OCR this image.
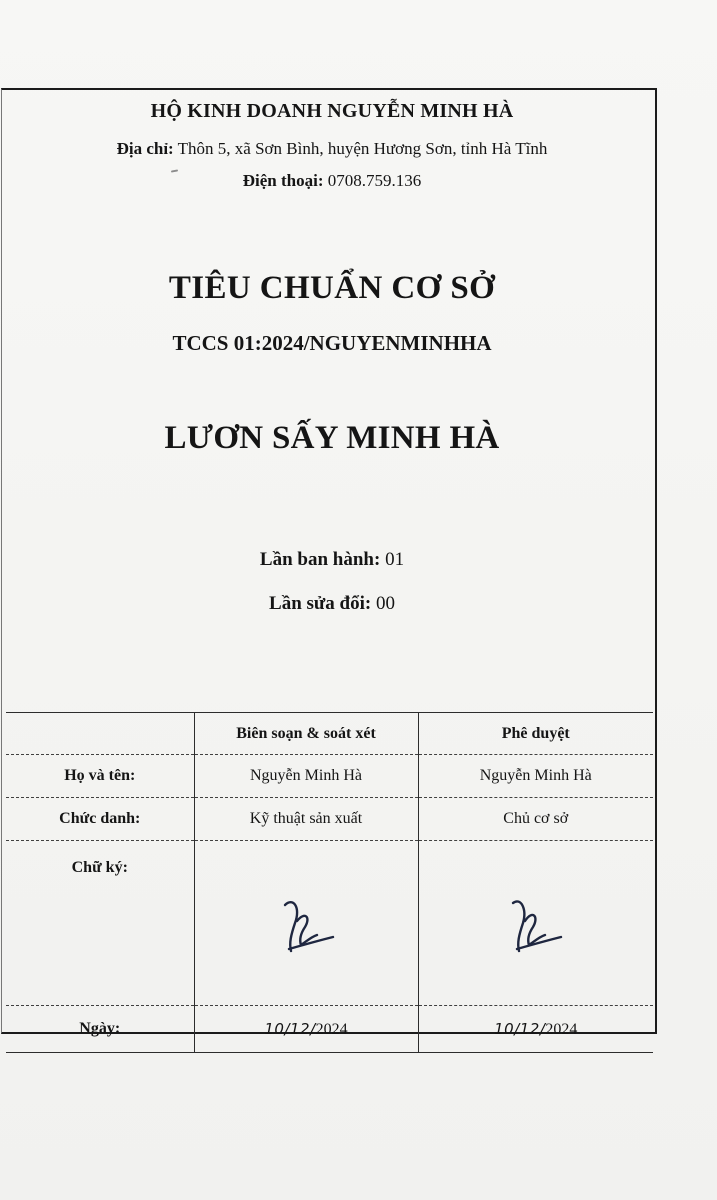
HỘ KINH DOANH NGUYỄN MINH HÀ

Địa chỉ: Thôn 5, xã Sơn Bình, huyện Hương Sơn, tỉnh Hà Tĩnh

Điện thoại: 0708.759.136

TIÊU CHUẨN CƠ SỞ
TCCS 01:2024/NGUYENMINHHA
LƯƠN SẤY MINH HÀ

Lần ban hành: 01

Lần sửa đổi: 00

	Biên soạn & soát xét	Phê duyệt
Họ và tên:	Nguyễn Minh Hà	Nguyễn Minh Hà
Chức danh:	Kỹ thuật sản xuất	Chủ cơ sở
Chữ ký:	

Ngày:	10/12/2024	10/12/2024
